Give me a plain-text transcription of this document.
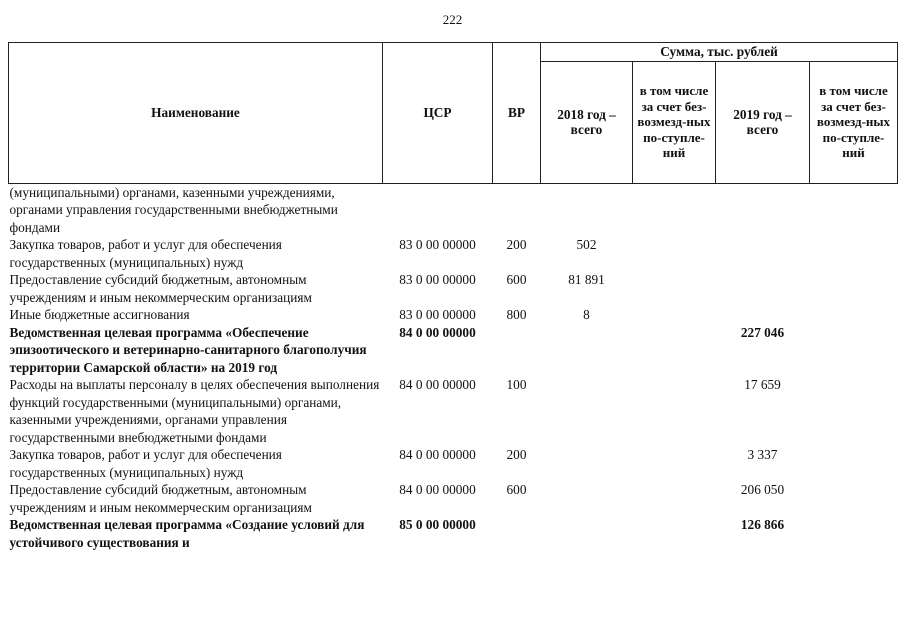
222
Наименование	ЦСР	ВР	Сумма, тыс. рублей			
			2018 год – всего	в том числе за счет без-возмезд-ных по-ступле-ний	2019 год – всего	в том числе за счет без-возмезд-ных по-ступле-ний
(муниципальными) органами, казенными учреждениями, органами управления государственными внебюджетными фондами						
Закупка товаров, работ и услуг для обеспечения государственных (муниципальных) нужд	83 0 00 00000	200	502			
Предоставление субсидий бюджетным, автономным учреждениям и иным некоммерческим организациям	83 0 00 00000	600	81 891			
Иные бюджетные ассигнования	83 0 00 00000	800	8			
Ведомственная целевая программа «Обеспечение эпизоотического и ветеринарно-санитарного благополучия территории Самарской области» на 2019 год	84 0 00 00000				227 046	
Расходы на выплаты персоналу в целях обеспечения выполнения функций государственными (муниципальными) органами, казенными учреждениями, органами управления государственными внебюджетными фондами	84 0 00 00000	100			17 659	
Закупка товаров, работ и услуг для обеспечения государственных (муниципальных) нужд	84 0 00 00000	200			3 337	
Предоставление субсидий бюджетным, автономным учреждениям и иным некоммерческим организациям	84 0 00 00000	600			206 050	
Ведомственная целевая программа «Создание условий для устойчивого существования и	85 0 00 00000				126 866	
